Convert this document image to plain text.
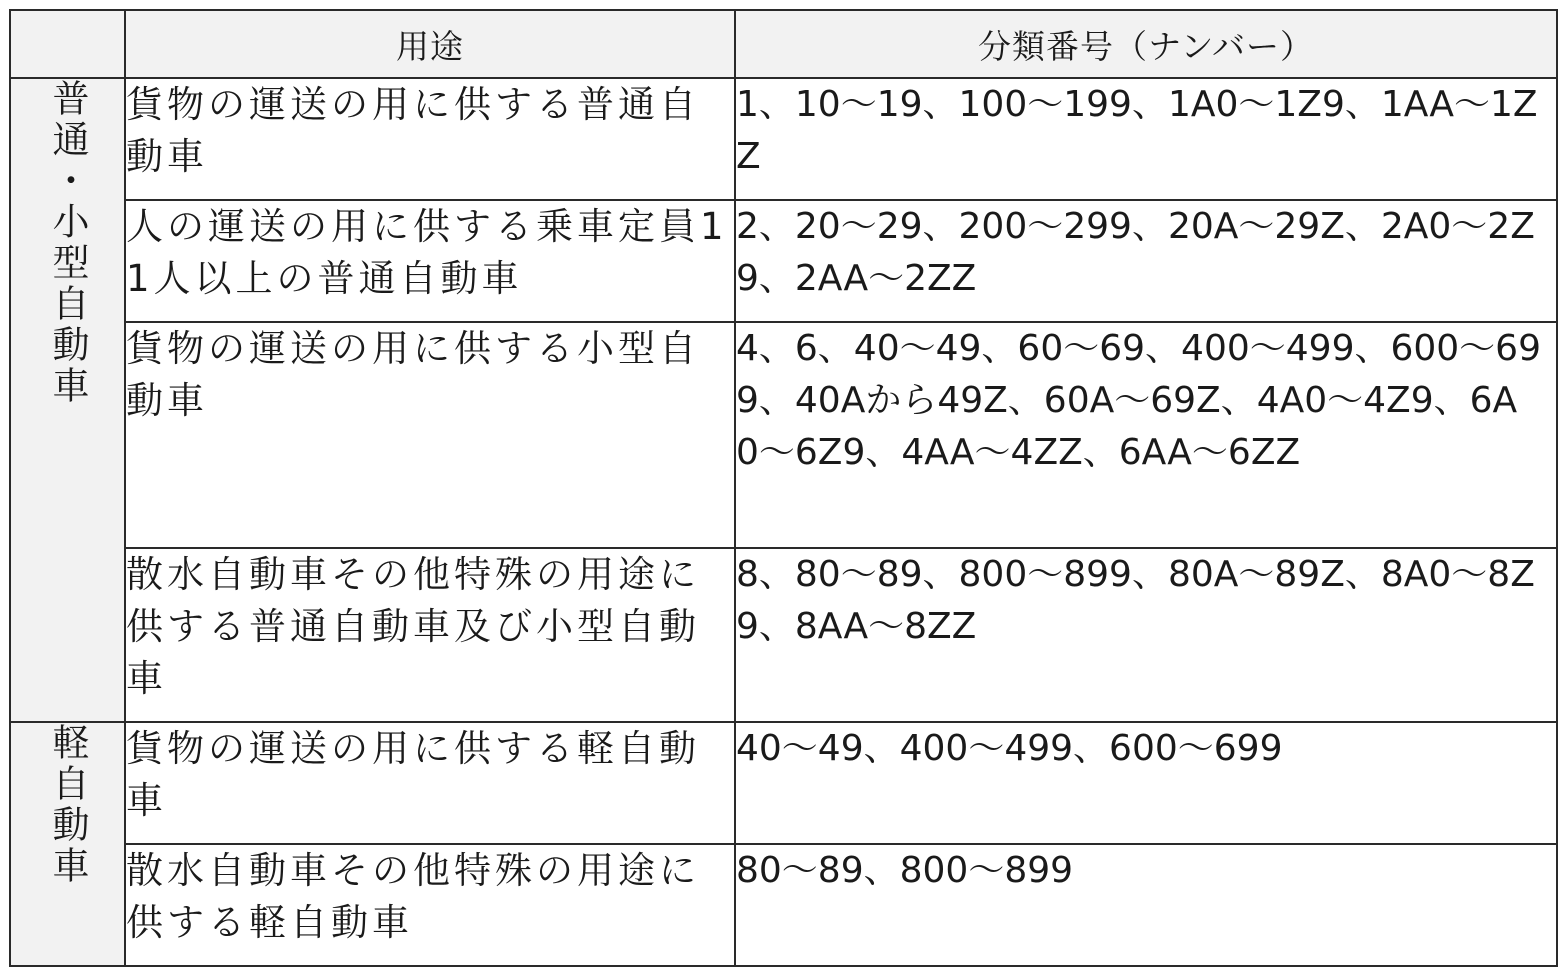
	用途	分類番号（ナンバー）
普通・小型自動車	貨物の運送の用に供する普通自動車	1、10〜19、100〜199、1A0〜1Z9、1AA〜1ZZ

	人の運送の用に供する乗車定員11人以上の普通自動車	2、20〜29、200〜299、20A〜29Z、2A0〜2Z9、2AA〜2ZZ

	貨物の運送の用に供する小型自動車	4、6、40〜49、60〜69、400〜499、600〜699、40Aから49Z、60A〜69Z、4A0〜4Z9、6A0〜6Z9、4AA〜4ZZ、6AA〜6ZZ

	散水自動車その他特殊の用途に供する普通自動車及び小型自動車	8、80〜89、800〜899、80A〜89Z、8A0〜8Z9、8AA〜8ZZ

軽自動車	貨物の運送の用に供する軽自動車	40〜49、400〜499、600〜699

	散水自動車その他特殊の用途に供する軽自動車	80〜89、800〜899
